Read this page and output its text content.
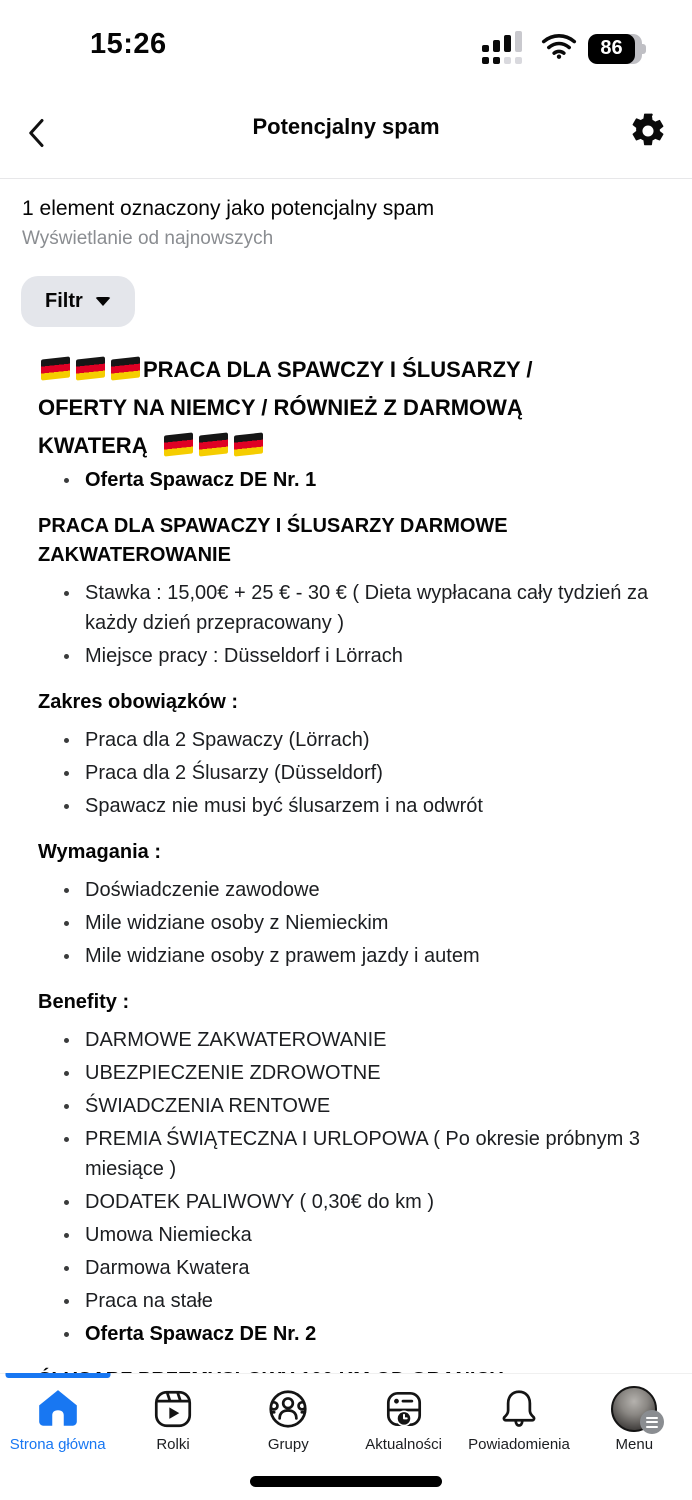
15:26	86
Potencjalny spam

1 element oznaczony jako potencjalny spam

Wyświetlanie od najnowszych

Filtr
PRACA DLA SPAWCZY I ŚLUSARZY /
OFERTY NA NIEMCY / RÓWNIEŻ Z DARMOWĄ
KWATERĄ
Oferta Spawacz DE Nr. 1
PRACA DLA SPAWACZY I ŚLUSARZY DARMOWE ZAKWATEROWANIE
Stawka : 15,00€ + 25 € - 30 € ( Dieta wypłacana cały tydzień za każdy dzień przepracowany )
Miejsce pracy : Düsseldorf i Lörrach
Zakres obowiązków :
Praca dla 2 Spawaczy (Lörrach)
Praca dla 2 Ślusarzy (Düsseldorf)
Spawacz nie musi być ślusarzem i na odwrót
Wymagania :
Doświadczenie zawodowe
Mile widziane osoby z Niemieckim
Mile widziane osoby z prawem jazdy i autem
Benefity :
DARMOWE ZAKWATEROWANIE
UBEZPIECZENIE ZDROWOTNE
ŚWIADCZENIA RENTOWE
PREMIA ŚWIĄTECZNA I URLOPOWA ( Po okresie próbnym 3 miesiące )
DODATEK PALIWOWY ( 0,30€ do km )
Umowa Niemiecka
Darmowa Kwatera
Praca na stałe
Oferta Spawacz DE Nr. 2
Strona główna	Rolki	Grupy	Aktualności Powiadomienia	Menu
